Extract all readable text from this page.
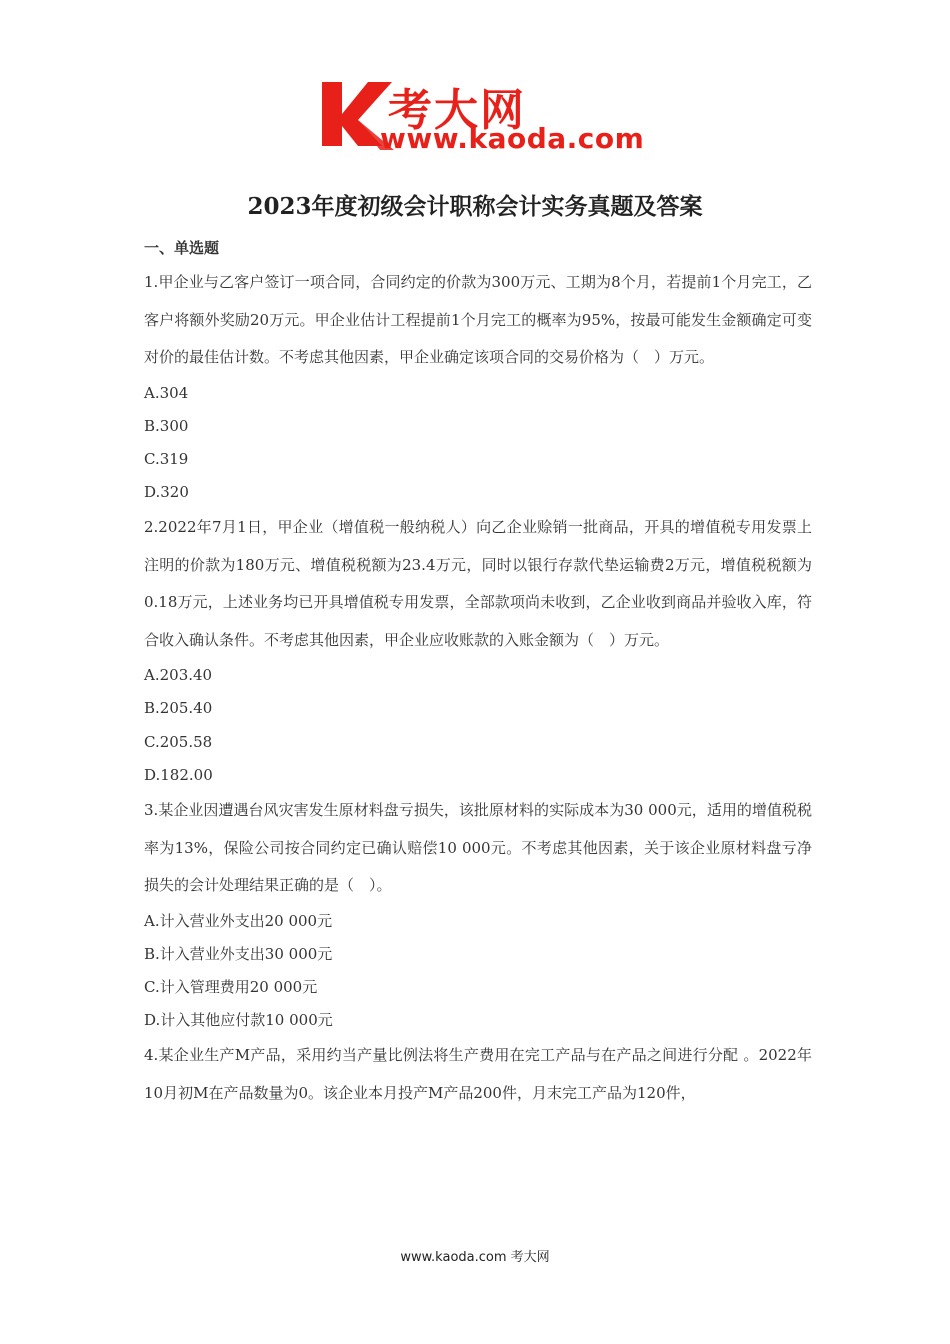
考大网
www.kaoda.com
2023年度初级会计职称会计实务真题及答案
一、单选题

1.甲企业与乙客户签订一项合同，合同约定的价款为300万元、工期为8个月，若提前1个月完工，乙客户将额外奖励20万元。甲企业估计工程提前1个月完工的概率为95%，按最可能发生金额确定可变对价的最佳估计数。不考虑其他因素，甲企业确定该项合同的交易价格为（　）万元。

A.304
B.300
C.319
D.320

2.2022年7月1日，甲企业（增值税一般纳税人）向乙企业赊销一批商品，开具的增值税专用发票上注明的价款为180万元、增值税税额为23.4万元，同时以银行存款代垫运输费2万元，增值税税额为0.18万元，上述业务均已开具增值税专用发票，全部款项尚未收到，乙企业收到商品并验收入库，符合收入确认条件。不考虑其他因素，甲企业应收账款的入账金额为（　）万元。

A.203.40
B.205.40
C.205.58
D.182.00

3.某企业因遭遇台风灾害发生原材料盘亏损失，该批原材料的实际成本为30 000元，适用的增值税税率为13%，保险公司按合同约定已确认赔偿10 000元。不考虑其他因素，关于该企业原材料盘亏净损失的会计处理结果正确的是（　）。

A.计入营业外支出20 000元
B.计入营业外支出30 000元
C.计入管理费用20 000元
D.计入其他应付款10 000元

4.某企业生产M产品，采用约当产量比例法将生产费用在完工产品与在产品之间进行分配 。2022年10月初M在产品数量为0。该企业本月投产M产品200件，月末完工产品为120件，

www.kaoda.com 考大网
